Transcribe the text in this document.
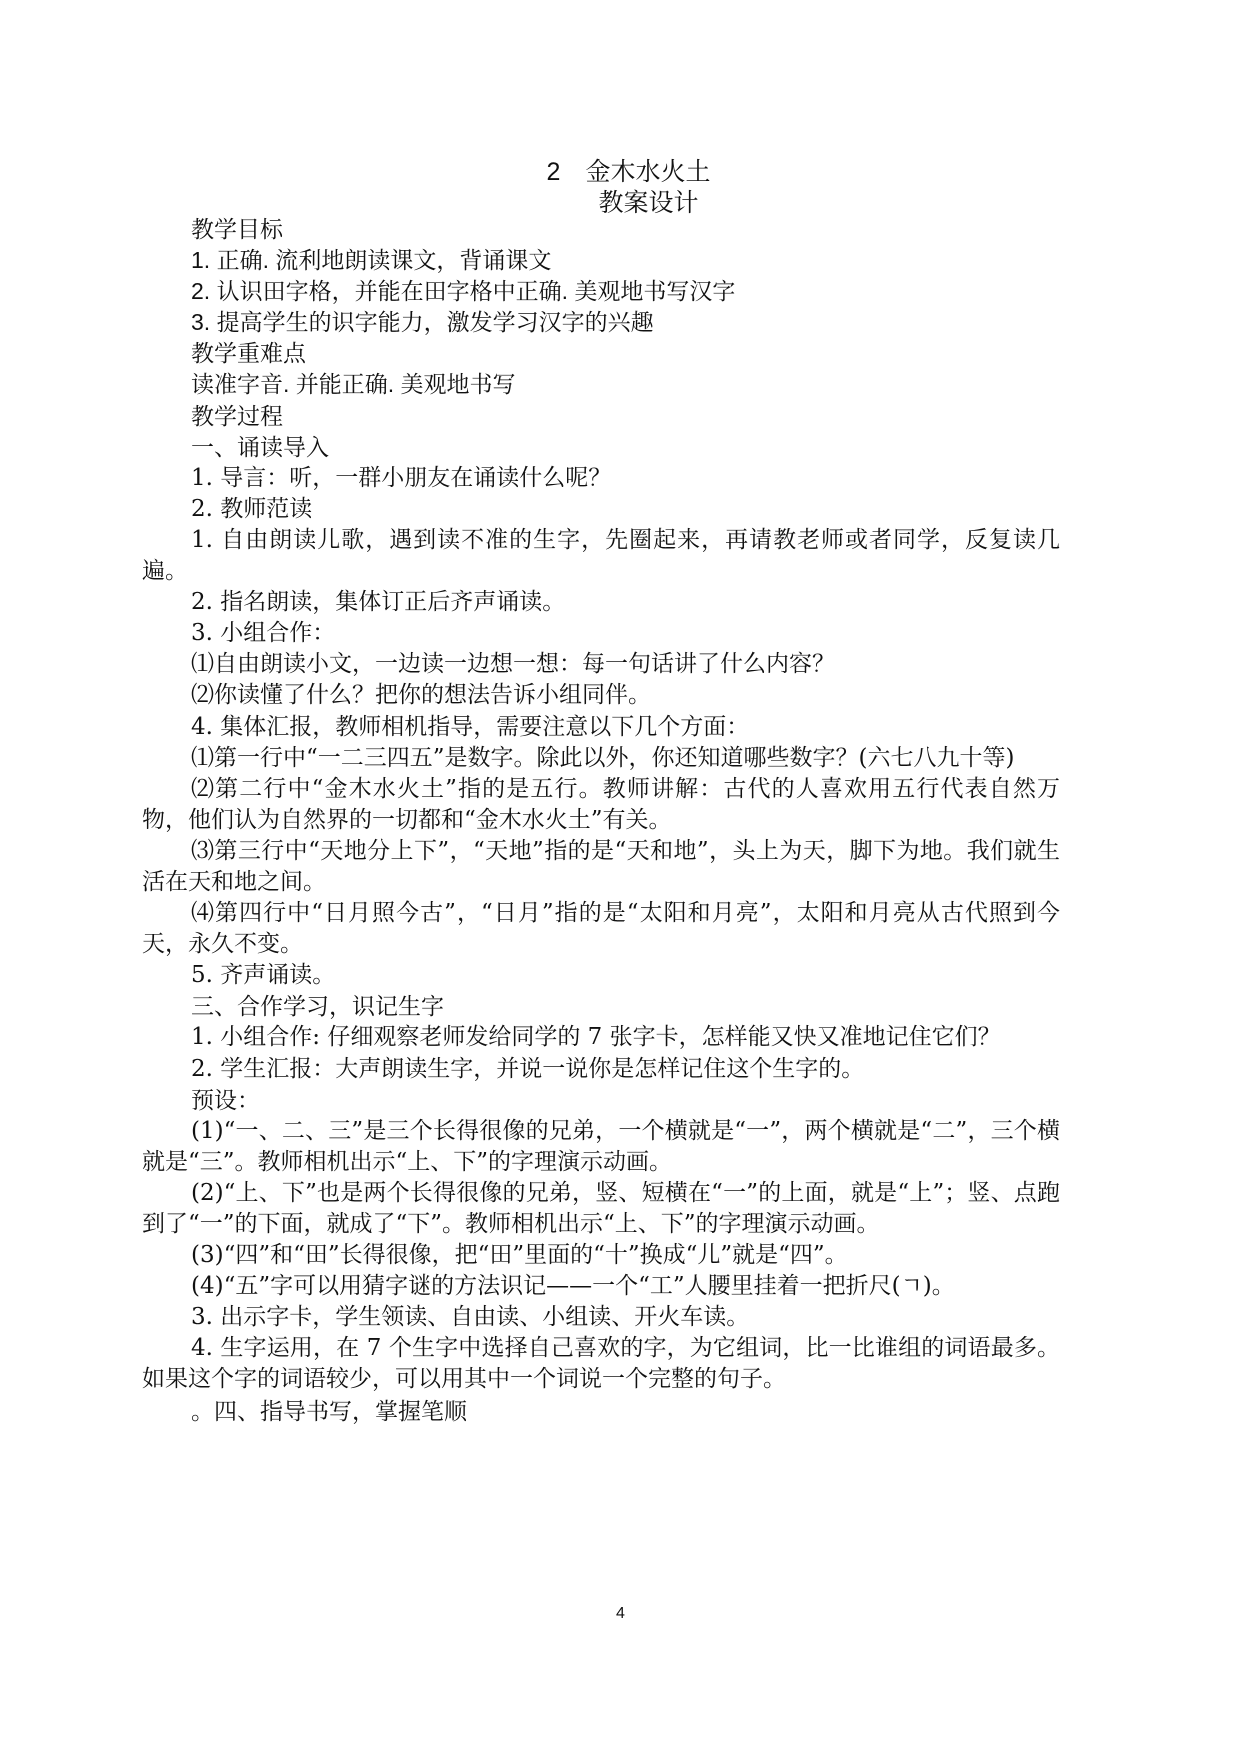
2　金木水火土
教案设计

教学目标

1. 正确. 流利地朗读课文，背诵课文

2. 认识田字格，并能在田字格中正确. 美观地书写汉字

3. 提高学生的识字能力，激发学习汉字的兴趣

教学重难点

读准字音. 并能正确. 美观地书写

教学过程

一、诵读导入

1. 导言：听，一群小朋友在诵读什么呢？

2. 教师范读

1. 自由朗读儿歌，遇到读不准的生字，先圈起来，再请教老师或者同学，反复读几遍。

2. 指名朗读，集体订正后齐声诵读。

3. 小组合作：

⑴自由朗读小文，一边读一边想一想：每一句话讲了什么内容？

⑵你读懂了什么？把你的想法告诉小组同伴。

4. 集体汇报，教师相机指导，需要注意以下几个方面：

⑴第一行中“一二三四五”是数字。除此以外，你还知道哪些数字？(六七八九十等)

⑵第二行中“金木水火土”指的是五行。教师讲解：古代的人喜欢用五行代表自然万物，他们认为自然界的一切都和“金木水火土”有关。

⑶第三行中“天地分上下”，“天地”指的是“天和地”，头上为天，脚下为地。我们就生活在天和地之间。

⑷第四行中“日月照今古”，“日月”指的是“太阳和月亮”，太阳和月亮从古代照到今天，永久不变。

5. 齐声诵读。

三、合作学习，识记生字

1. 小组合作: 仔细观察老师发给同学的 7 张字卡，怎样能又快又准地记住它们？

2. 学生汇报：大声朗读生字，并说一说你是怎样记住这个生字的。

预设：

(1)“一、二、三”是三个长得很像的兄弟，一个横就是“一”，两个横就是“二”，三个横就是“三”。教师相机出示“上、下”的字理演示动画。

(2)“上、下”也是两个长得很像的兄弟，竖、短横在“一”的上面，就是“上”；竖、点跑到了“一”的下面，就成了“下”。教师相机出示“上、下”的字理演示动画。

(3)“四”和“田”长得很像，把“田”里面的“十”换成“儿”就是“四”。

(4)“五”字可以用猜字谜的方法识记——一个“工”人腰里挂着一把折尺(ㄱ)。

3. 出示字卡，学生领读、自由读、小组读、开火车读。

4. 生字运用，在 7 个生字中选择自己喜欢的字，为它组词，比一比谁组的词语最多。如果这个字的词语较少，可以用其中一个词说一个完整的句子。

。四、指导书写，掌握笔顺

4
